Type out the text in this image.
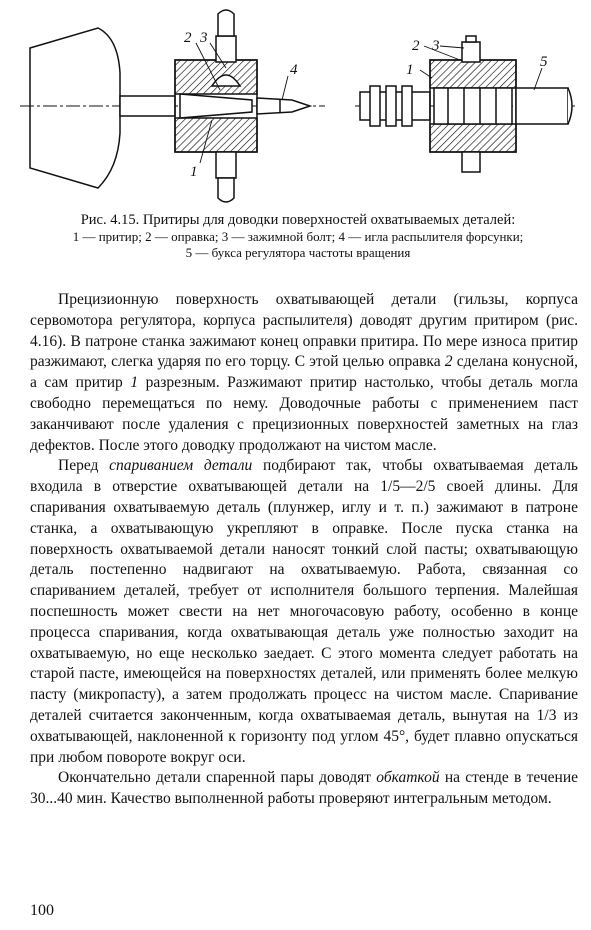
2 3
4
1
2 3
1	5
Рис. 4.15. Притиры для доводки поверхностей охватываемых деталей:
1 — притир; 2 — оправка; 3 — зажимной болт; 4 — игла распылителя форсунки;
5 — букса регулятора частоты вращения

Прецизионную поверхность охватывающей детали (гильзы, корпуса сервомотора регулятора, корпуса распылителя) доводят другим притиром (рис. 4.16). В патроне станка зажимают конец оправки притира. По мере износа притир разжимают, слегка ударяя по его торцу. С этой целью оправка 2 сделана конусной, а сам притир 1 разрезным. Разжимают притир настолько, чтобы деталь могла свободно перемещаться по нему. Доводочные работы с применением паст заканчивают после удаления с прецизионных поверхностей заметных на глаз дефектов. После этого доводку продолжают на чистом масле.

Перед спариванием детали подбирают так, чтобы охватываемая деталь входила в отверстие охватывающей детали на 1/5—2/5 своей длины. Для спаривания охватываемую деталь (плунжер, иглу и т. п.) зажимают в патроне станка, а охватывающую укрепляют в оправке. После пуска станка на поверхность охватываемой детали наносят тонкий слой пасты; охватывающую деталь постепенно надвигают на охватываемую. Работа, связанная со спариванием деталей, требует от исполнителя большого терпения. Малейшая поспешность может свести на нет многочасовую работу, особенно в конце процесса спаривания, когда охватывающая деталь уже полностью заходит на охватываемую, но еще несколько заедает. С этого момента следует работать на старой пасте, имеющейся на поверхностях деталей, или применять более мелкую пасту (микропасту), а затем продолжать процесс на чистом масле. Спаривание деталей считается законченным, когда охватываемая деталь, вынутая на 1/3 из охватывающей, наклоненной к горизонту под углом 45°, будет плавно опускаться при любом повороте вокруг оси.

Окончательно детали спаренной пары доводят обкаткой на стенде в течение 30...40 мин. Качество выполненной работы проверяют интегральным методом.

100
